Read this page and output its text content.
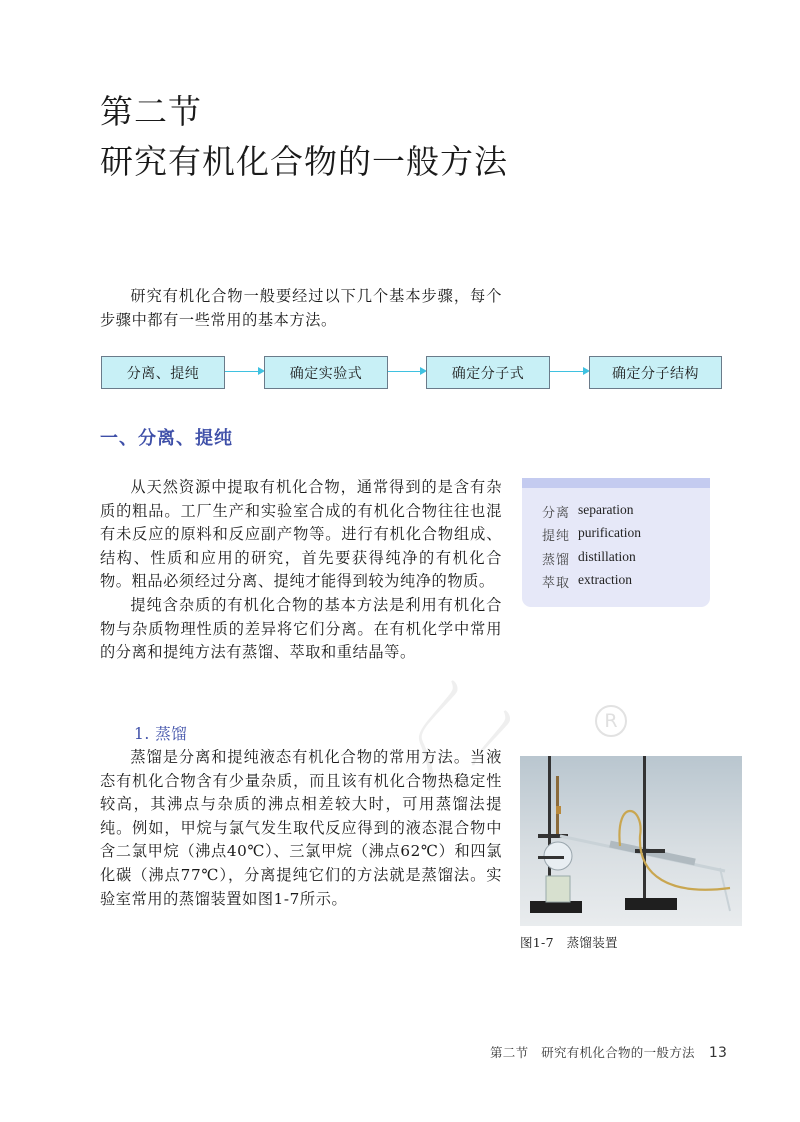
第二节
研究有机化合物的一般方法

研究有机化合物一般要经过以下几个基本步骤，每个步骤中都有一些常用的基本方法。

分离、提纯	确定实验式	确定分子式	确定分子结构
一、分离、提纯

从天然资源中提取有机化合物，通常得到的是含有杂质的粗品。工厂生产和实验室合成的有机化合物往往也混有未反应的原料和反应副产物等。进行有机化合物组成、结构、性质和应用的研究，首先要获得纯净的有机化合物。粗品必须经过分离、提纯才能得到较为纯净的物质。

提纯含杂质的有机化合物的基本方法是利用有机化合物与杂质物理性质的差异将它们分离。在有机化学中常用的分离和提纯方法有蒸馏、萃取和重结晶等。

分离 separation
提纯 purification
蒸馏 distillation
萃取 extraction
〳〵〳	R
1. 蒸馏

蒸馏是分离和提纯液态有机化合物的常用方法。当液态有机化合物含有少量杂质，而且该有机化合物热稳定性较高，其沸点与杂质的沸点相差较大时，可用蒸馏法提纯。例如，甲烷与氯气发生取代反应得到的液态混合物中含二氯甲烷（沸点40℃）、三氯甲烷（沸点62℃）和四氯化碳（沸点77℃），分离提纯它们的方法就是蒸馏法。实验室常用的蒸馏装置如图1-7所示。

图1-7　蒸馏装置
第二节　研究有机化合物的一般方法 13
